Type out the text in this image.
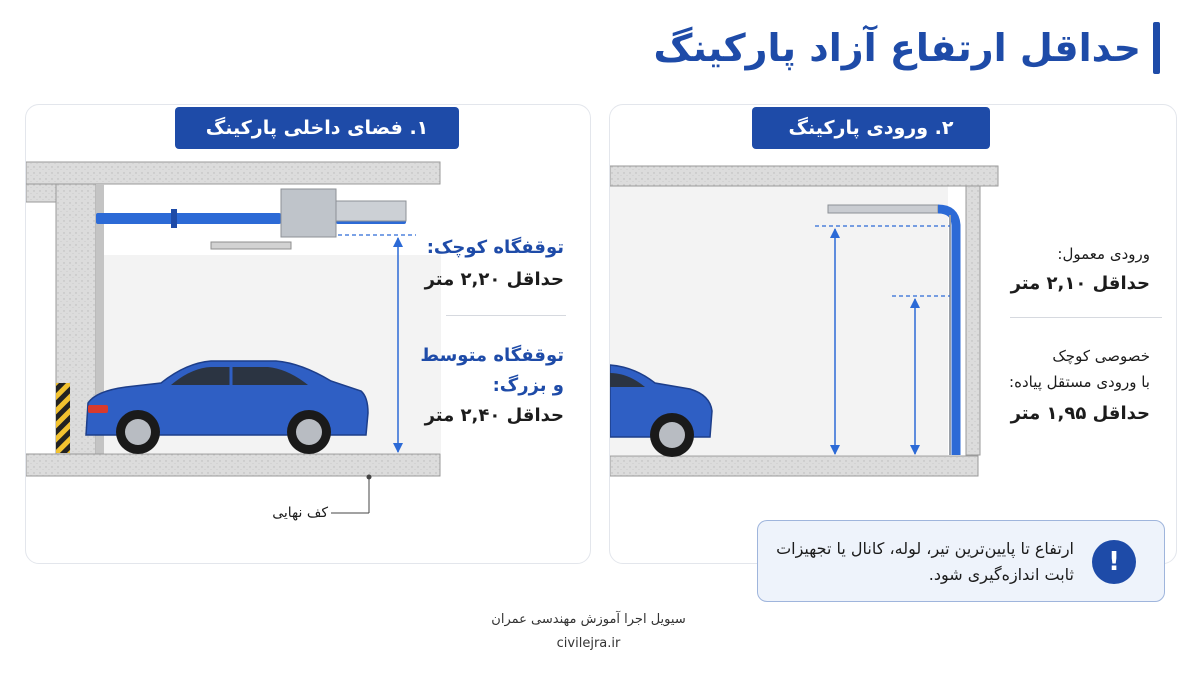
حداقل ارتفاع آزاد پارکینگ
۱. فضای داخلی پارکینگ
توقفگاه کوچک:
حداقل ۲,۲۰ متر
توقفگاه متوسط
و بزرگ:
حداقل ۲,۴۰ متر
کف نهایی
۲. ورودی پارکینگ
ورودی معمول:
حداقل ۲,۱۰ متر
خصوصی کوچک
با ورودی مستقل پیاده:
حداقل ۱,۹۵ متر
!
ارتفاع تا پایین‌ترین تیر، لوله، کانال یا تجهیزات ثابت اندازه‌گیری شود.
سیویل اجرا آموزش مهندسی عمران
civilejra.ir
